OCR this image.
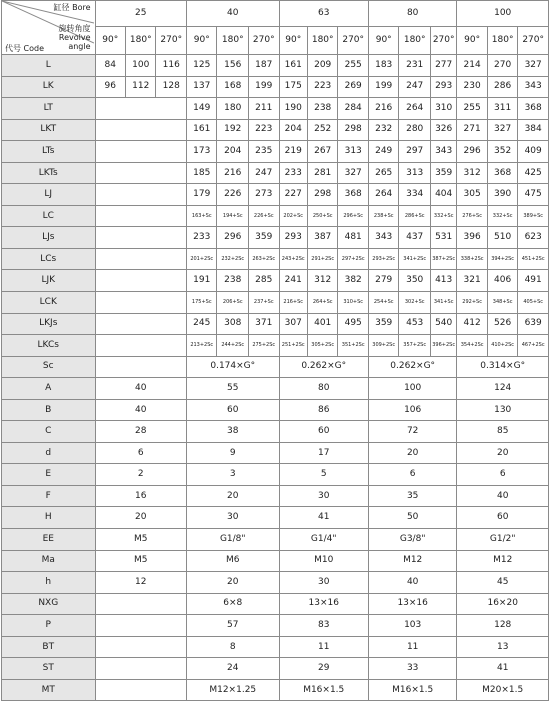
缸径 Bore
旋转角度
Revolve
angle
代号 Code	25			40			63			80			100		
	90°	180°	270°	90°	180°	270°	90°	180°	270°	90°	180°	270°	90°	180°	270°
L	84	100	116	125	156	187	161	209	255	183	231	277	214	270	327
LK	96	112	128	137	168	199	175	223	269	199	247	293	230	286	343
LT				149	180	211	190	238	284	216	264	310	255	311	368
LKT				161	192	223	204	252	298	232	280	326	271	327	384
LTs				173	204	235	219	267	313	249	297	343	296	352	409
LKTs				185	216	247	233	281	327	265	313	359	312	368	425
LJ				179	226	273	227	298	368	264	334	404	305	390	475
LC				163+Sc	194+Sc	226+Sc	202+Sc	250+Sc	296+Sc	238+Sc	286+Sc	332+Sc	276+Sc	332+Sc	389+Sc
LJs				233	296	359	293	387	481	343	437	531	396	510	623
LCs				201+2Sc	232+2Sc	263+2Sc	243+2Sc	291+2Sc	297+2Sc	293+2Sc	341+2Sc	387+2Sc	338+2Sc	394+2Sc	451+2Sc
LJK				191	238	285	241	312	382	279	350	413	321	406	491
LCK				175+Sc	206+Sc	237+Sc	216+Sc	264+Sc	310+Sc	254+Sc	302+Sc	341+Sc	292+Sc	348+Sc	405+Sc
LKJs				245	308	371	307	401	495	359	453	540	412	526	639
LKCs				213+2Sc	244+2Sc	275+2Sc	251+2Sc	305+2Sc	351+2Sc	309+2Sc	357+2Sc	396+2Sc	354+2Sc	410+2Sc	467+2Sc
Sc				0.174×G°			0.262×G°			0.262×G°			0.314×G°		
A	40			55			80			100			124		
B	40			60			86			106			130		
C	28			38			60			72			85		
d	6			9			17			20			20		
E	2			3			5			6			6		
F	16			20			30			35			40		
H	20			30			41			50			60		
EE	M5			G1/8"			G1/4"			G3/8"			G1/2"		
Ma	M5			M6			M10			M12			M12		
h	12			20			30			40			45		
NXG				6×8			13×16			13×16			16×20		
P				57			83			103			128		
BT				8			11			11			13		
ST				24			29			33			41		
MT				M12×1.25			M16×1.5			M16×1.5			M20×1.5		
